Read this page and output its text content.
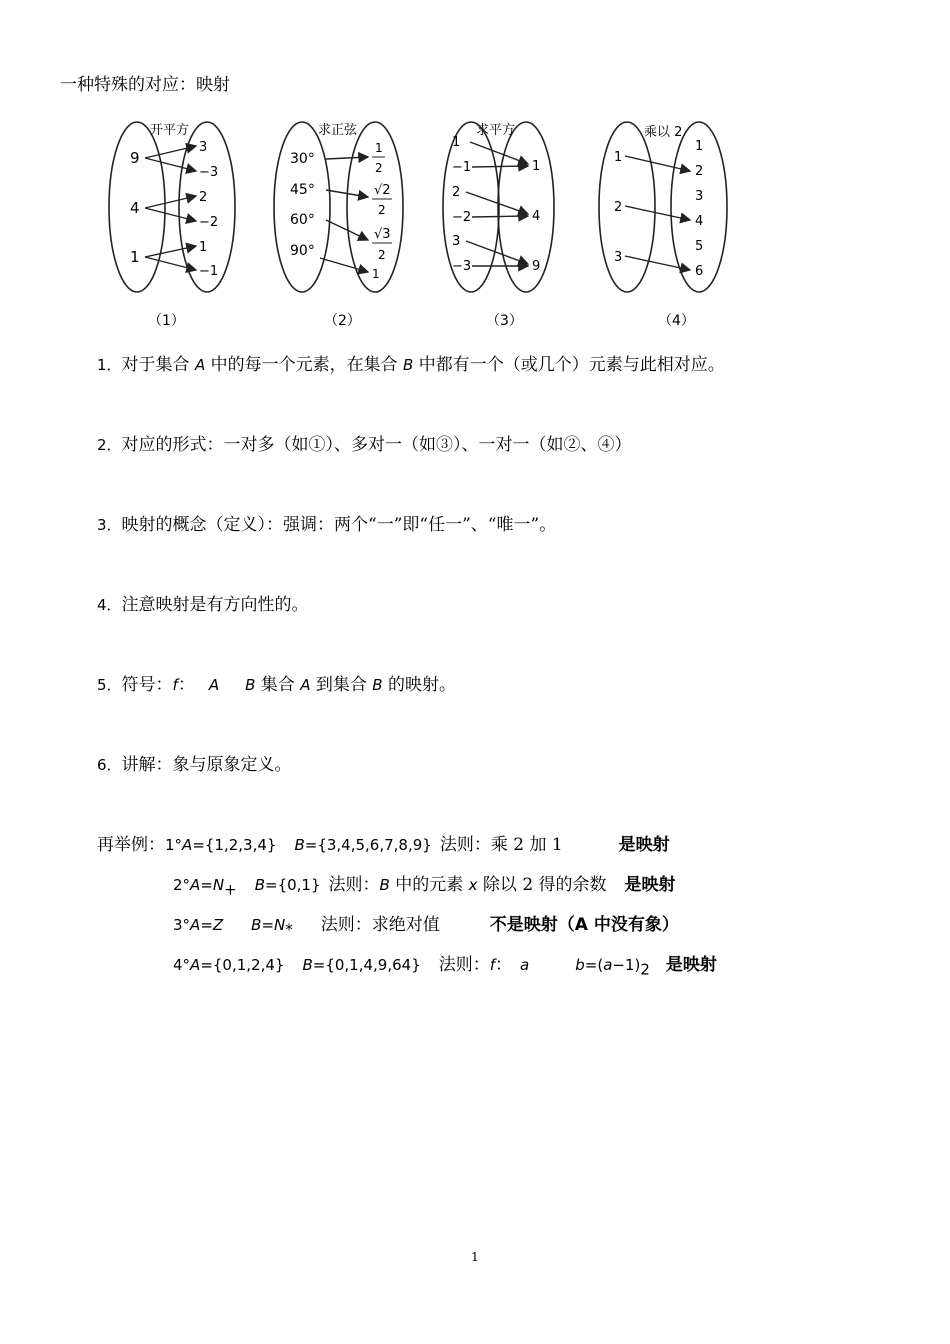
一种特殊的对应：映射
开平方
9
4
1
3
−3
2
−2
1
−1
（1）
求正弦
30°
45°
60°
90°
1
2
√2
2
√3
2
1
（2）
求平方
1
−1
2
−2
3
−3
1
4
9
（3）
乘以 2
1
2
3
1
2
3
4
5
6
（4）
1．对于集合 A 中的每一个元素，在集合 B 中都有一个（或几个）元素与此相对应。
2．对应的形式：一对多（如①）、多对一（如③）、一对一（如②、④）
3．映射的概念（定义）：强调：两个“一”即“任一”、“唯一”。
4．注意映射是有方向性的。
5．符号：f： A B 集合 A 到集合 B 的映射。
6．讲解：象与原象定义。
再举例：1°A={1,2,3,4} B={3,4,5,6,7,8,9} 法则：乘 2 加 1	是映射
$2^\circ A=N_+$ B={0,1} 法则：B 中的元素 x 除以 2 得的余数 是映射
3°A=Z $B=N_*$ 法则：求绝对值	不是映射（A 中没有象）
4°A={0,1,2,4} B={0,1,4,9,64} 法则：f： a	$b=(a-1)_2$ 是映射
1
